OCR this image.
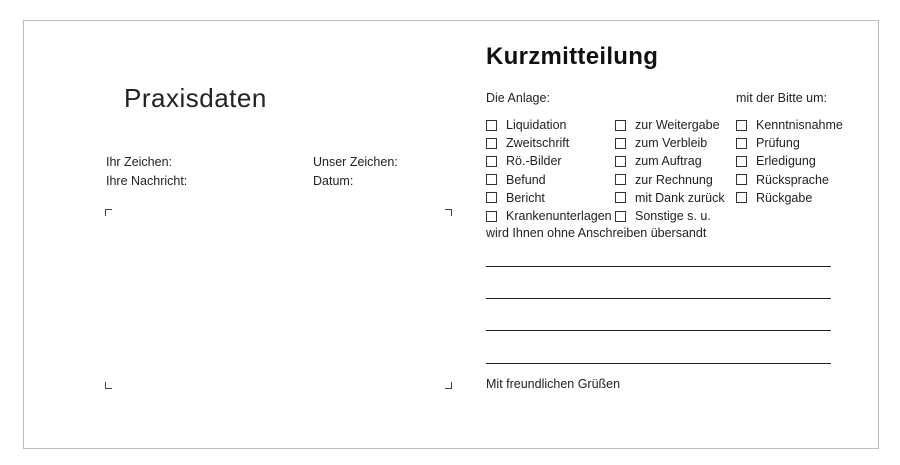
Praxisdaten
Ihr Zeichen:
Ihre Nachricht:
Unser Zeichen:
Datum:
Kurzmitteilung
Die Anlage:	mit der Bitte um:
Liquidation
Zweitschrift
Rö.-Bilder
Befund
Bericht
Krankenunterlagen
zur Weitergabe
zum Verbleib
zum Auftrag
zur Rechnung
mit Dank zurück
Sonstige s. u.
Kenntnisnahme
Prüfung
Erledigung
Rücksprache
Rückgabe
wird Ihnen ohne Anschreiben übersandt
Mit freundlichen Grüßen
